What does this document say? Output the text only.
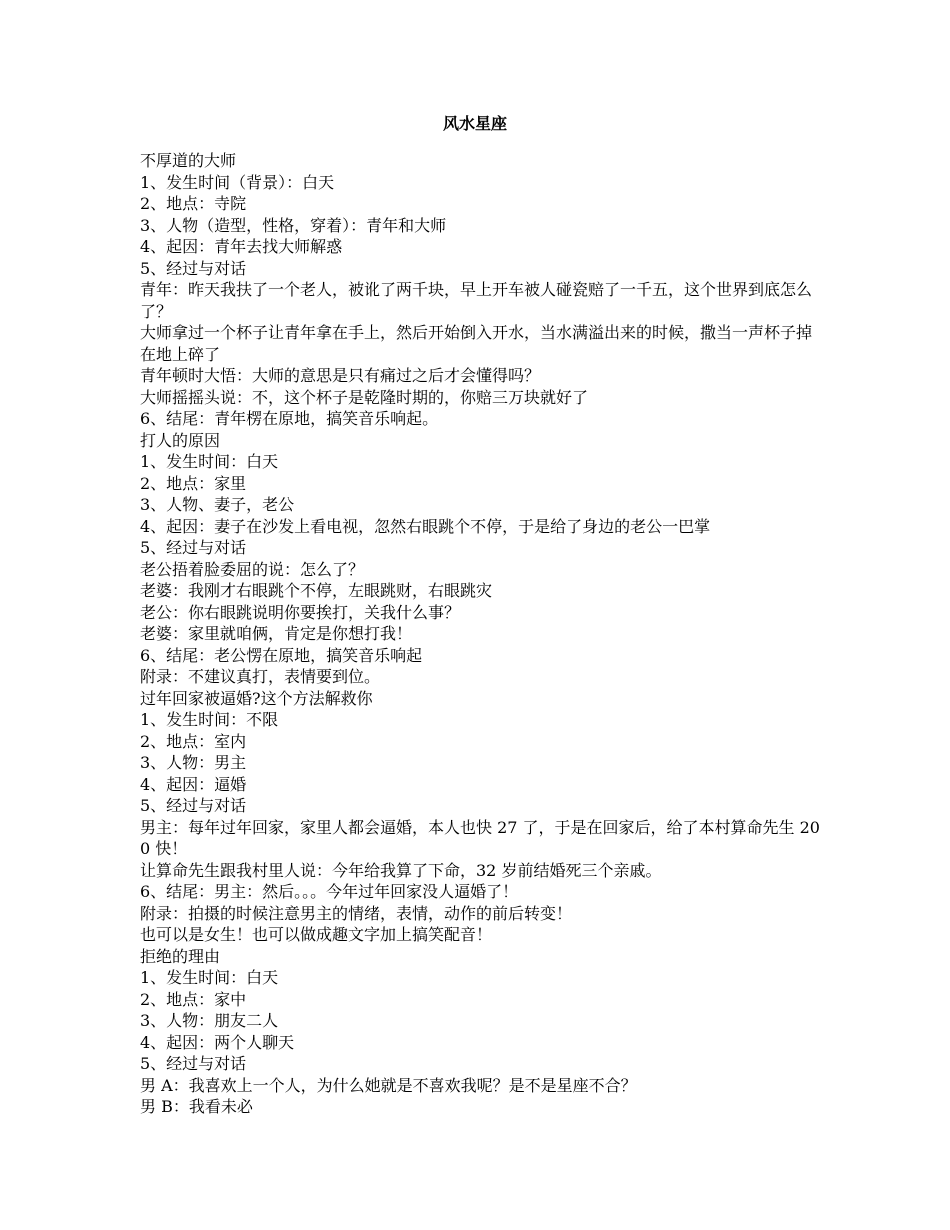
风水星座
不厚道的大师
1、发生时间（背景）：白天
2、地点：寺院
3、人物（造型，性格，穿着）：青年和大师
4、起因：青年去找大师解惑
5、经过与对话
青年：昨天我扶了一个老人，被讹了两千块，早上开车被人碰瓷赔了一千五，这个世界到底怎么了？
大师拿过一个杯子让青年拿在手上，然后开始倒入开水，当水满溢出来的时候，撒当一声杯子掉在地上碎了
青年顿时大悟：大师的意思是只有痛过之后才会懂得吗？
大师摇摇头说：不，这个杯子是乾隆时期的，你赔三万块就好了
6、结尾：青年楞在原地，搞笑音乐响起。
打人的原因
1、发生时间：白天
2、地点：家里
3、人物、妻子，老公
4、起因：妻子在沙发上看电视，忽然右眼跳个不停，于是给了身边的老公一巴掌
5、经过与对话
老公捂着脸委屈的说：怎么了？
老婆：我刚才右眼跳个不停，左眼跳财，右眼跳灾
老公：你右眼跳说明你要挨打，关我什么事？
老婆：家里就咱俩，肯定是你想打我！
6、结尾：老公愣在原地，搞笑音乐响起
附录：不建议真打，表情要到位。
过年回家被逼婚?这个方法解救你
1、发生时间：不限
2、地点：室内
3、人物：男主
4、起因：逼婚
5、经过与对话
男主：每年过年回家，家里人都会逼婚，本人也快 27 了，于是在回家后，给了本村算命先生 200 快！
让算命先生跟我村里人说：今年给我算了下命，32 岁前结婚死三个亲戚。
6、结尾：男主：然后。。。今年过年回家没人逼婚了！
附录：拍摄的时候注意男主的情绪，表情，动作的前后转变！
也可以是女生！也可以做成趣文字加上搞笑配音！
拒绝的理由
1、发生时间：白天
2、地点：家中
3、人物：朋友二人
4、起因：两个人聊天
5、经过与对话
男 A：我喜欢上一个人，为什么她就是不喜欢我呢？是不是星座不合？
男 B：我看未必
